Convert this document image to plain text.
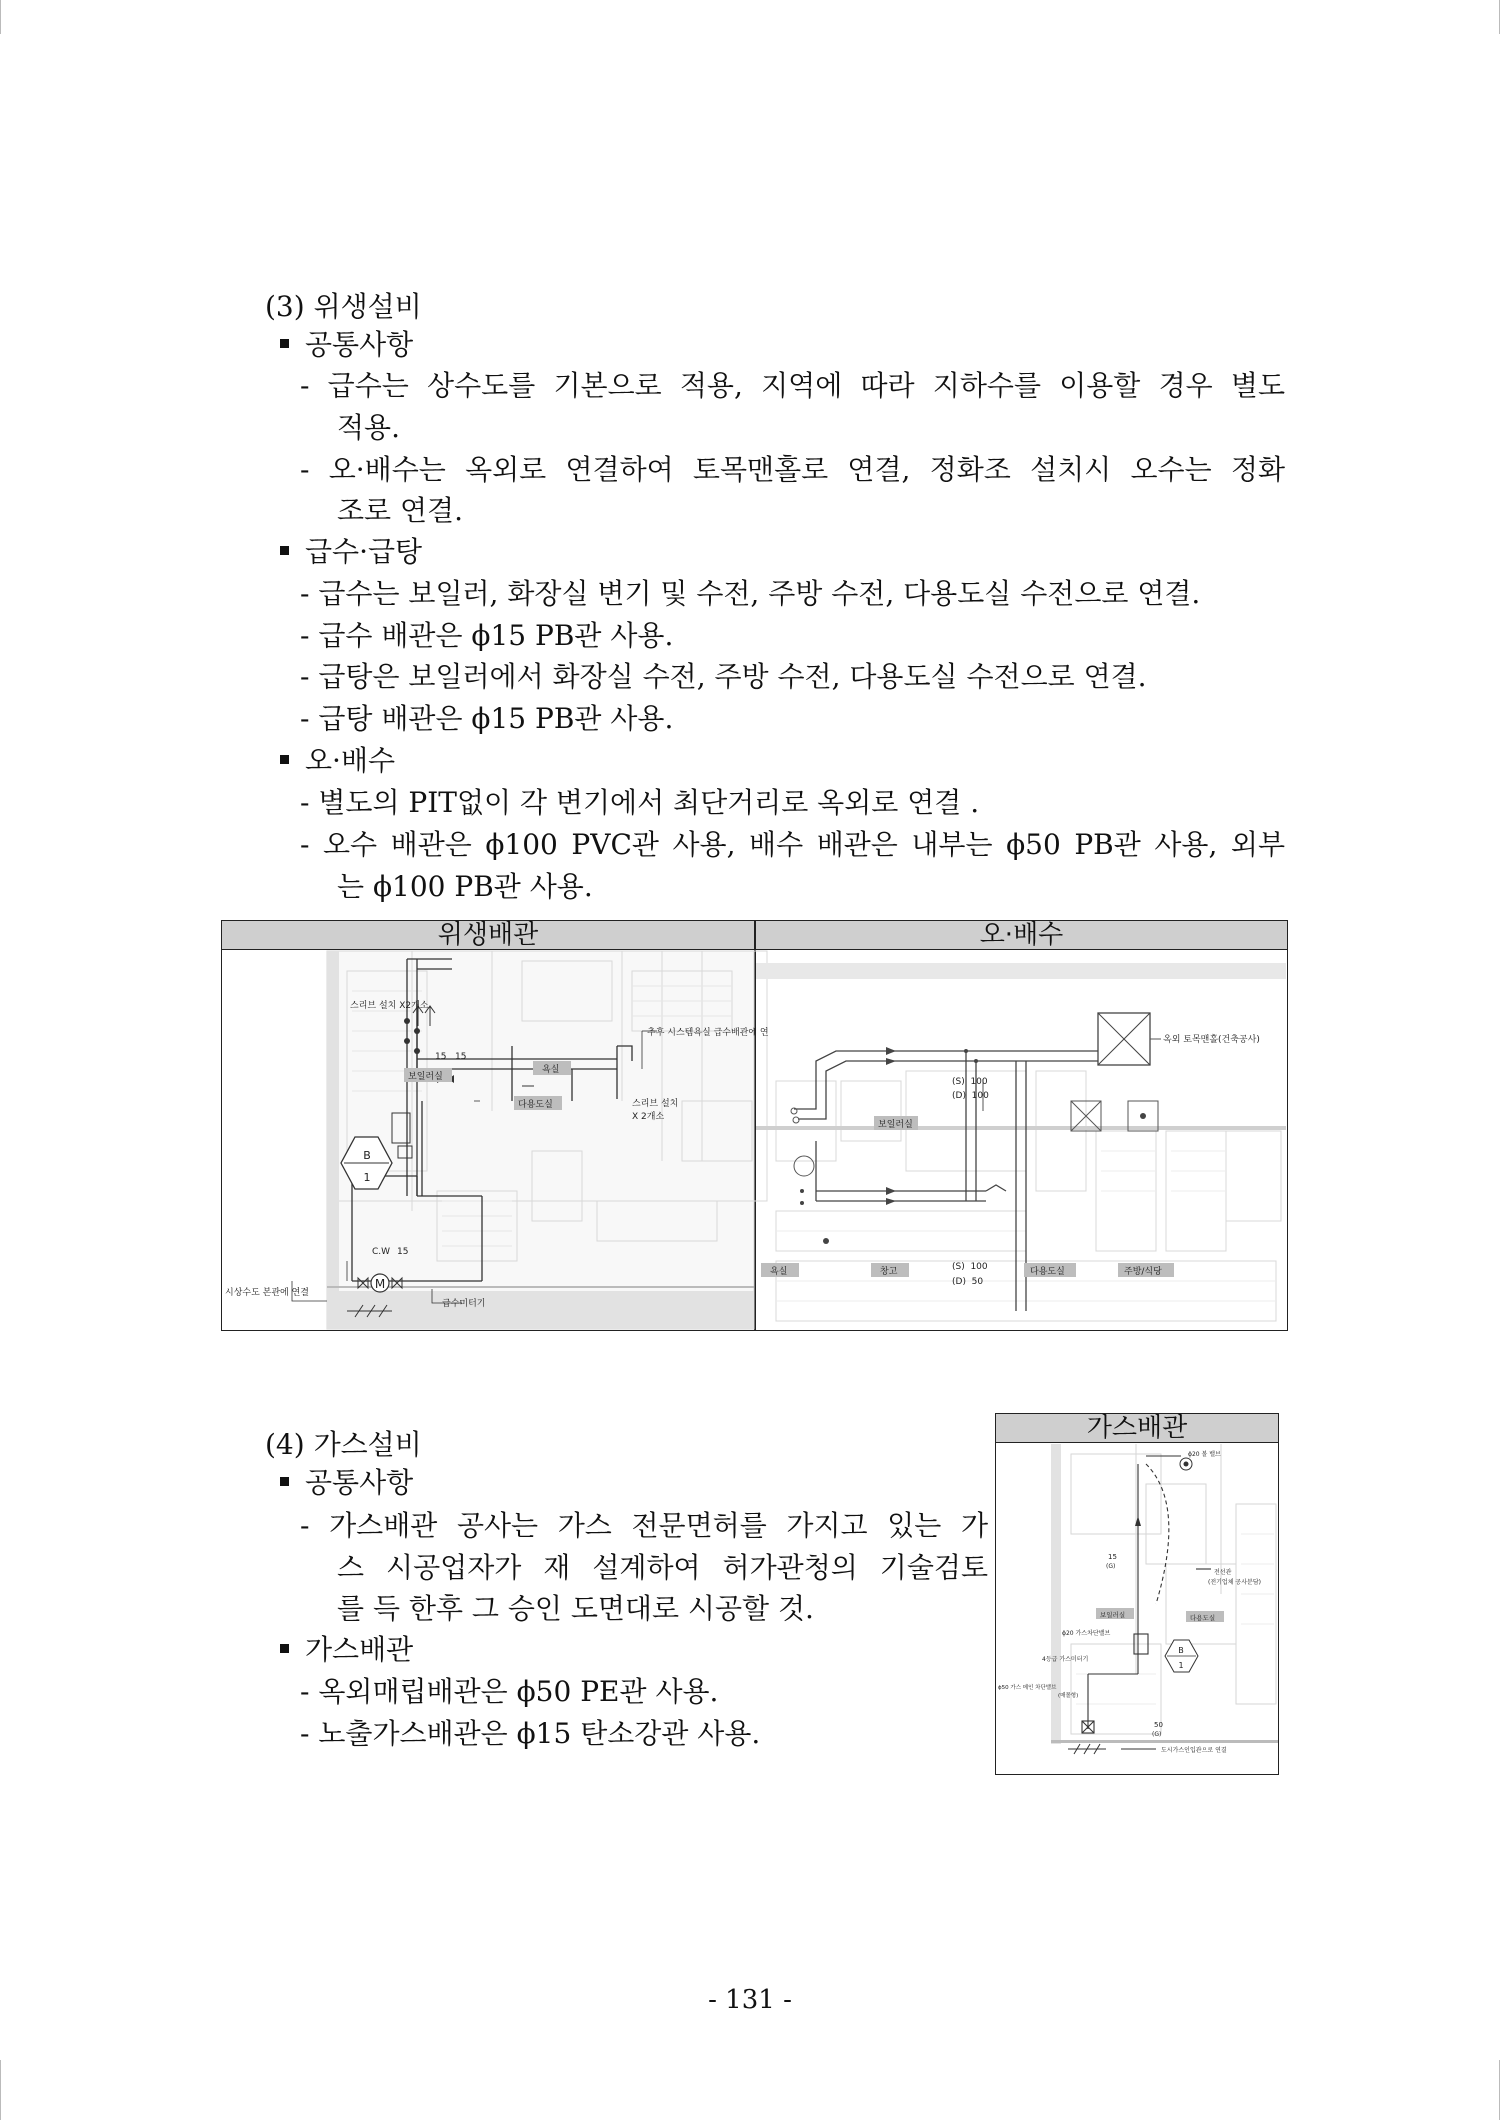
(3) 위생설비
공통사항
- 급수는 상수도를 기본으로 적용, 지역에 따라 지하수를 이용할 경우 별도
적용.
- 오·배수는 옥외로 연결하여 토목맨홀로 연결, 정화조 설치시 오수는 정화
조로 연결.
급수·급탕
- 급수는 보일러, 화장실 변기 및 수전, 주방 수전, 다용도실 수전으로 연결.
- 급수 배관은 ϕ15 PB관 사용.
- 급탕은 보일러에서 화장실 수전, 주방 수전, 다용도실 수전으로 연결.
- 급탕 배관은 ϕ15 PB관 사용.
오·배수
- 별도의 PIT없이 각 변기에서 최단거리로 옥외로 연결 .
- 오수 배관은 ϕ100 PVC관 사용, 배수 배관은 내부는 ϕ50 PB관 사용, 외부
는 ϕ100 PB관 사용.
위생배관	오·배수
B
1
M
스리브 설치 X2개소
15   15
추후 시스템욕실 급수배관에 연
보일러실
욕실
다용도실	스리브 설치
X 2개소
C.W 15
시상수도 본관에 연결
급수미터기
(S)  100
(D)  100
옥외 토목맨홀(건축공사)
보일러실
욕실	창고	(S)  100
(D)  50
다용도실	주방/식당
(4) 가스설비
공통사항
- 가스배관 공사는 가스 전문면허를 가지고 있는 가
스 시공업자가 재 설계하여 허가관청의 기술검토
를 득 한후 그 승인 도면대로 시공할 것.
가스배관
- 옥외매립배관은 ϕ50 PE관 사용.
- 노출가스배관은 ϕ15 탄소강관 사용.
가스배관
B
1
ϕ20 볼 밸브
15
(G)
전선관
(전기업체 공사분담)
보일러실	다용도실
ϕ20 가스차단밸브
4등급 가스미터기
ϕ50 가스 메인 차단밸브
(매몰형)
50
(G)
도시가스인입관으로 연결
- 131 -
